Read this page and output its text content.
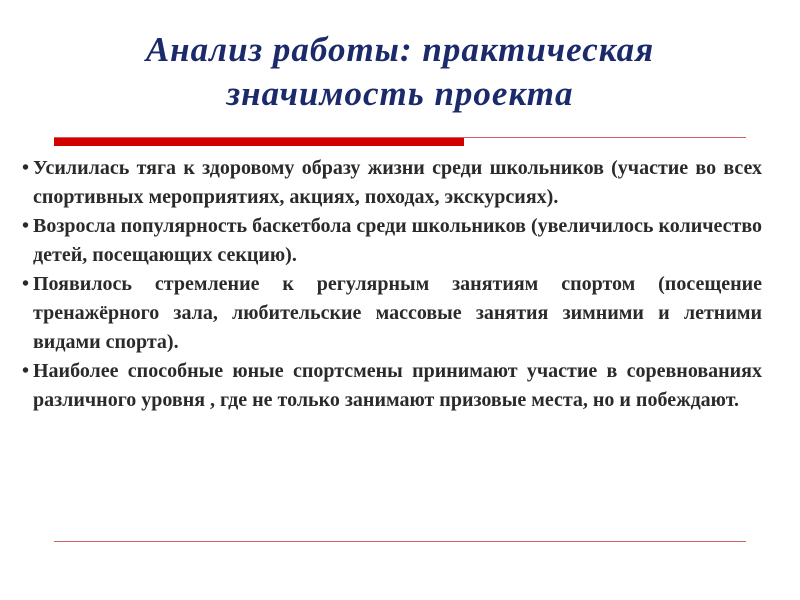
Анализ работы: практическая
значимость проекта
• Усилилась тяга к здоровому образу жизни среди школьников (участие во всех спортивных мероприятиях, акциях, походах, экскурсиях).
• Возросла популярность баскетбола среди школьников (увеличилось количество детей, посещающих секцию).
• Появилось стремление к регулярным занятиям спортом (посещение тренажёрного зала, любительские массовые занятия зимними и летними видами спорта).
• Наиболее способные юные спортсмены принимают участие в соревнованиях различного уровня , где не только занимают призовые места, но и побеждают.
